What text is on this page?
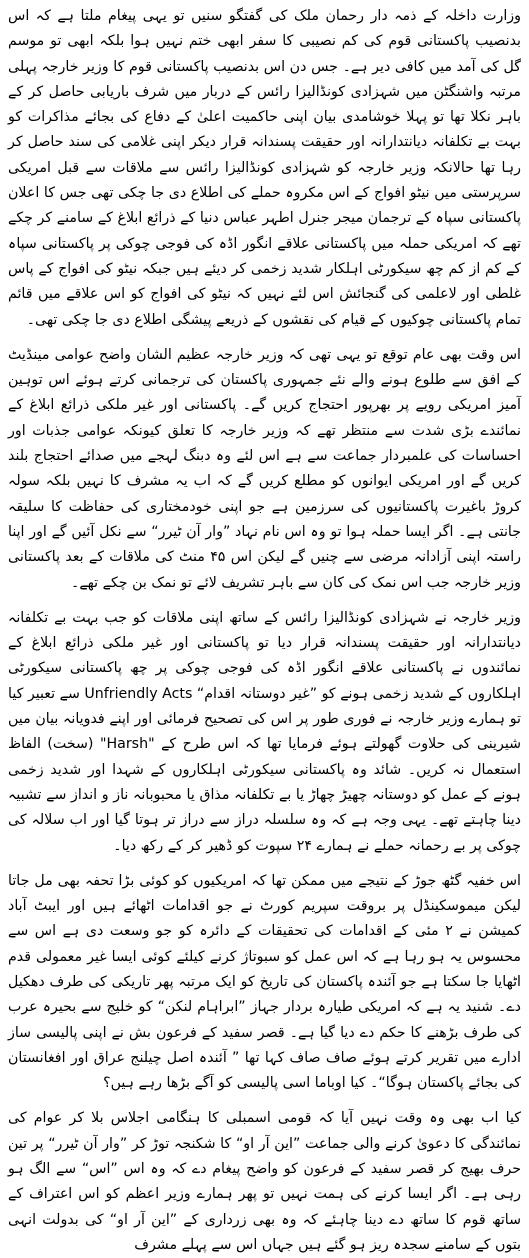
وزارت داخلہ کے ذمہ دار رحمان ملک کی گفتگو سنیں تو یہی پیغام ملتا ہے کہ اس بدنصیب پاکستانی قوم کی کم نصیبی کا سفر ابھی ختم نہیں ہوا بلکہ ابھی تو موسم گل کی آمد میں کافی دیر ہے۔ جس دن اس بدنصیب پاکستانی قوم کا وزیر خارجہ پہلی مرتبہ واشنگٹن میں شہزادی کونڈالیزا رائس کے دربار میں شرف باریابی حاصل کر کے باہر نکلا تھا تو پہلا خوشامدی بیان اپنی حاکمیت اعلیٰ کے دفاع کی بجائے مذاکرات کو بہت بے تکلفانہ دیانتدارانہ اور حقیقت پسندانہ قرار دیکر اپنی غلامی کی سند حاصل کر رہا تھا حالانکہ وزیر خارجہ کو شہزادی کونڈالیزا رائس سے ملاقات سے قبل امریکی سرپرستی میں نیٹو افواج کے اس مکروہ حملے کی اطلاع دی جا چکی تھی جس کا اعلان پاکستانی سپاہ کے ترجمان میجر جنرل اطہر عباس دنیا کے ذرائع ابلاغ کے سامنے کر چکے تھے کہ امریکی حملہ میں پاکستانی علاقے انگور اڈہ کی فوجی چوکی پر پاکستانی سپاہ کے کم از کم چھ سیکورٹی اہلکار شدید زخمی کر دیئے ہیں جبکہ نیٹو کی افواج کے پاس غلطی اور لاعلمی کی گنجائش اس لئے نہیں کہ نیٹو کی افواج کو اس علاقے میں قائم تمام پاکستانی چوکیوں کے قیام کی نقشوں کے ذریعے پیشگی اطلاع دی جا چکی تھی۔

اس وقت بھی عام توقع تو یہی تھی کہ وزیر خارجہ عظیم الشان واضح عوامی مینڈیٹ کے افق سے طلوع ہونے والے نئے جمہوری پاکستان کی ترجمانی کرتے ہوئے اس توہین آمیز امریکی رویے پر بھرپور احتجاج کریں گے۔ پاکستانی اور غیر ملکی ذرائع ابلاغ کے نمائندے بڑی شدت سے منتظر تھے کہ وزیر خارجہ کا تعلق کیونکہ عوامی جذبات اور احساسات کی علمبردار جماعت سے ہے اس لئے وہ دبنگ لہجے میں صدائے احتجاج بلند کریں گے اور امریکی ایوانوں کو مطلع کریں گے کہ اب یہ مشرف کا نہیں بلکہ سولہ کروڑ باغیرت پاکستانیوں کی سرزمین ہے جو اپنی خودمختاری کی حفاظت کا سلیقہ جانتی ہے۔ اگر ایسا حملہ ہوا تو وہ اس نام نہاد ”وار آن ٹیرر“ سے نکل آئیں گے اور اپنا راستہ اپنی آزادانہ مرضی سے چنیں گے لیکن اس ۴۵ منٹ کی ملاقات کے بعد پاکستانی وزیر خارجہ جب اس نمک کی کان سے باہر تشریف لائے تو نمک بن چکے تھے۔

وزیر خارجہ نے شہزادی کونڈالیزا رائس کے ساتھ اپنی ملاقات کو جب بہت بے تکلفانہ دیانتدارانہ اور حقیقت پسندانہ قرار دیا تو پاکستانی اور غیر ملکی ذرائع ابلاغ کے نمائندوں نے پاکستانی علاقے انگور اڈہ کی فوجی چوکی پر چھ پاکستانی سیکورٹی اہلکاروں کے شدید زخمی ہونے کو ”غیر دوستانہ اقدام“ Unfriendly Acts سے تعبیر کیا تو ہمارے وزیر خارجہ نے فوری طور پر اس کی تصحیح فرمائی اور اپنے فدویانہ بیان میں شیرینی کی حلاوت گھولتے ہوئے فرمایا تھا کہ اس طرح کے "Harsh" (سخت) الفاظ استعمال نہ کریں۔ شائد وہ پاکستانی سیکورٹی اہلکاروں کے شہدا اور شدید زخمی ہونے کے عمل کو دوستانہ چھیڑ چھاڑ یا بے تکلفانہ مذاق یا محبوبانہ ناز و انداز سے تشبیہ دینا چاہتے تھے۔ یہی وجہ ہے کہ وہ سلسلہ دراز سے دراز تر ہوتا گیا اور اب سلالہ کی چوکی پر بے رحمانہ حملے نے ہمارے ۲۴ سپوت کو ڈھیر کر کے رکھ دیا۔

اس خفیہ گٹھ جوڑ کے نتیجے میں ممکن تھا کہ امریکیوں کو کوئی بڑا تحفہ بھی مل جاتا لیکن میموسکینڈل پر بروقت سپریم کورٹ نے جو اقدامات اٹھائے ہیں اور ایبٹ آباد کمیشن نے ۲ مئی کے اقدامات کی تحقیقات کے دائرہ کو جو وسعت دی ہے اس سے محسوس یہ ہو رہا ہے کہ اس عمل کو سبوتاژ کرنے کیلئے کوئی ایسا غیر معمولی قدم اٹھایا جا سکتا ہے جو آئندہ پاکستان کی تاریخ کو ایک مرتبہ پھر تاریکی کی طرف دھکیل دے۔ شنید یہ ہے کہ امریکی طیارہ بردار جہاز ”ابراہام لنکن“ کو خلیج سے بحیرہ عرب کی طرف بڑھنے کا حکم دے دیا گیا ہے۔ قصر سفید کے فرعون بش نے اپنی پالیسی ساز ادارے میں تقریر کرتے ہوئے صاف صاف کہا تھا ” آئندہ اصل چیلنج عراق اور افغانستان کی بجائے پاکستان ہوگا“۔ کیا اوباما اسی پالیسی کو آگے بڑھا رہے ہیں؟

کیا اب بھی وہ وقت نہیں آیا کہ قومی اسمبلی کا ہنگامی اجلاس بلا کر عوام کی نمائندگی کا دعویٰ کرنے والی جماعت ”این آر او“ کا شکنجہ توڑ کر ”وار آن ٹیرر“ پر تین حرف بھیج کر قصر سفید کے فرعون کو واضح پیغام دے کہ وہ اس ”اس“ سے الگ ہو رہی ہے۔ اگر ایسا کرنے کی ہمت نہیں تو پھر ہمارے وزیر اعظم کو اس اعتراف کے ساتھ قوم کا ساتھ دے دینا چاہئے کہ وہ بھی زرداری کے ”این آر او“ کی بدولت انہی بتوں کے سامنے سجدہ ریز ہو گئے ہیں جہاں اس سے پہلے مشرف
